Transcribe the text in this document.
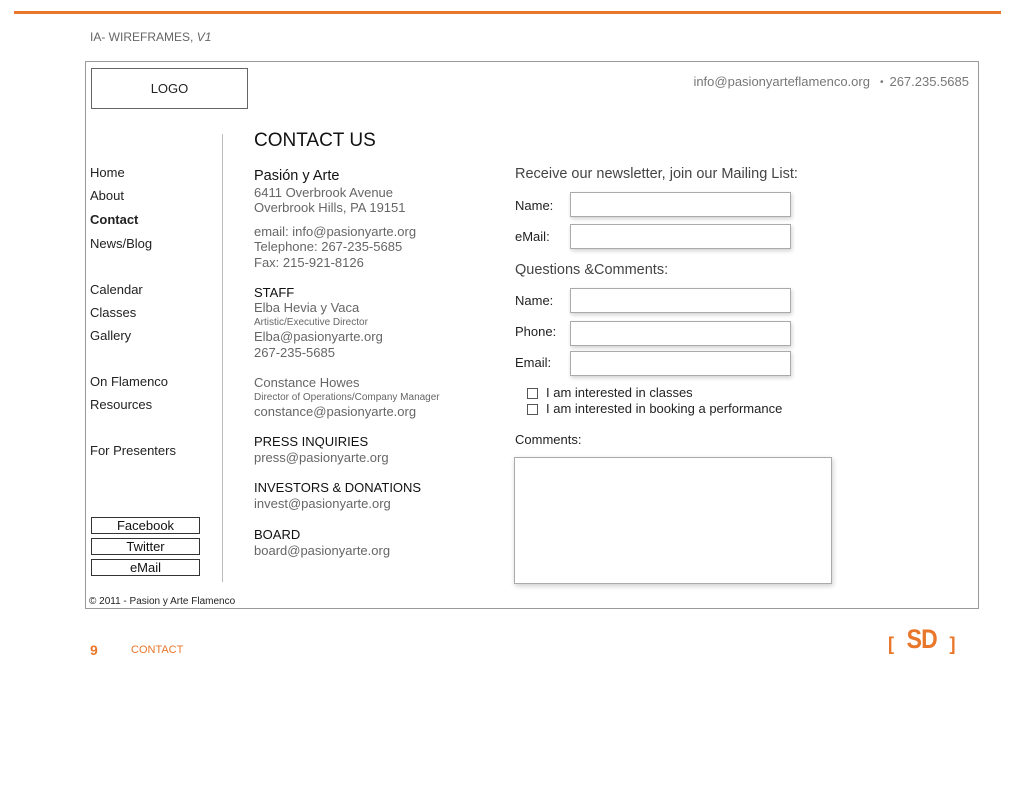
IA- WIREFRAMES, V1
LOGO	info@pasionyarteflamenco.org • 267.235.5685
Home
About
Contact
News/Blog
Calendar
Classes
Gallery
On Flamenco
Resources
For Presenters
Facebook
Twitter
eMail
© 2011 - Pasion y Arte Flamenco
CONTACT US
Pasión y Arte
6411 Overbrook Avenue
Overbrook Hills, PA 19151
email: info@pasionyarte.org
Telephone: 267-235-5685
Fax: 215-921-8126
STAFF
Elba Hevia y Vaca
Artistic/Executive Director
Elba@pasionyarte.org
267-235-5685
Constance Howes
Director of Operations/Company Manager
constance@pasionyarte.org
PRESS INQUIRIES
press@pasionyarte.org
INVESTORS & DONATIONS
invest@pasionyarte.org
BOARD
board@pasionyarte.org
Receive our newsletter, join our Mailing List:
Name:
eMail:
Questions &Comments:
Name:
Phone:
Email:
I am interested in classes
I am interested in booking a performance
Comments:
9	CONTACT	[ SD ]
